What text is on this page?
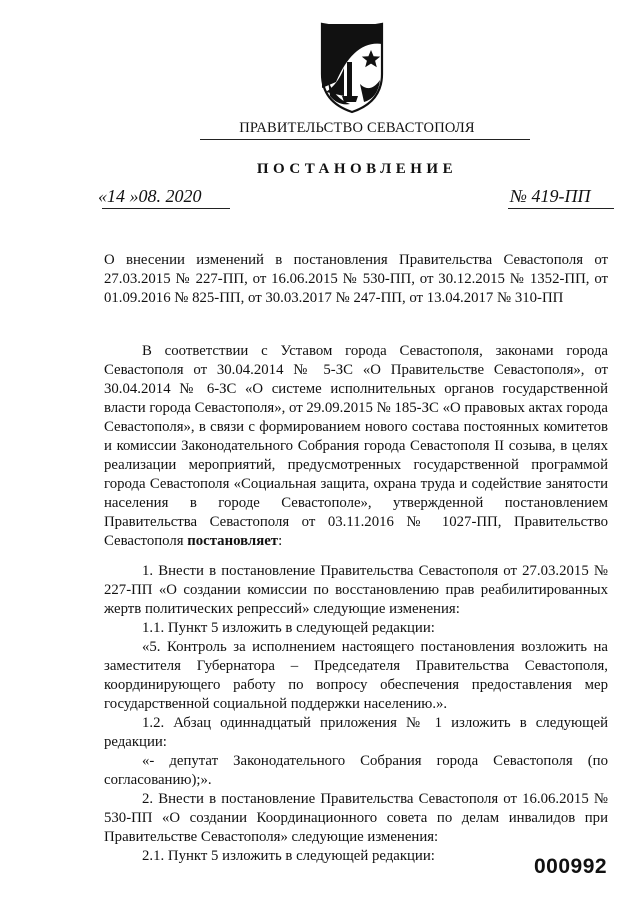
ПРАВИТЕЛЬСТВО СЕВАСТОПОЛЯ
ПОСТАНОВЛЕНИЕ
«14 »08. 2020	№ 419-ПП

О внесении изменений в постановления Правительства Севастополя от 27.03.2015 № 227-ПП, от 16.06.2015 № 530-ПП, от 30.12.2015 № 1352-ПП, от 01.09.2016 № 825-ПП, от 30.03.2017 № 247-ПП, от 13.04.2017 № 310-ПП

В соответствии с Уставом города Севастополя, законами города Севастополя от 30.04.2014 № 5-ЗС «О Правительстве Севастополя», от 30.04.2014 № 6-ЗС «О системе исполнительных органов государственной власти города Севастополя», от 29.09.2015 № 185-ЗС «О правовых актах города Севастополя», в связи с формированием нового состава постоянных комитетов и комиссии Законодательного Собрания города Севастополя II созыва, в целях реализации мероприятий, предусмотренных государственной программой города Севастополя «Социальная защита, охрана труда и содействие занятости населения в городе Севастополе», утвержденной постановлением Правительства Севастополя от 03.11.2016 № 1027-ПП, Правительство Севастополя постановляет:

1. Внести в постановление Правительства Севастополя от 27.03.2015 № 227-ПП «О создании комиссии по восстановлению прав реабилитированных жертв политических репрессий» следующие изменения:

1.1. Пункт 5 изложить в следующей редакции:

«5. Контроль за исполнением настоящего постановления возложить на заместителя Губернатора – Председателя Правительства Севастополя, координирующего работу по вопросу обеспечения предоставления мер государственной социальной поддержки населению.».

1.2. Абзац одиннадцатый приложения № 1 изложить в следующей редакции:

«- депутат Законодательного Собрания города Севастополя (по согласованию);».

2. Внести в постановление Правительства Севастополя от 16.06.2015 № 530-ПП «О создании Координационного совета по делам инвалидов при Правительстве Севастополя» следующие изменения:

2.1. Пункт 5 изложить в следующей редакции:	000992
